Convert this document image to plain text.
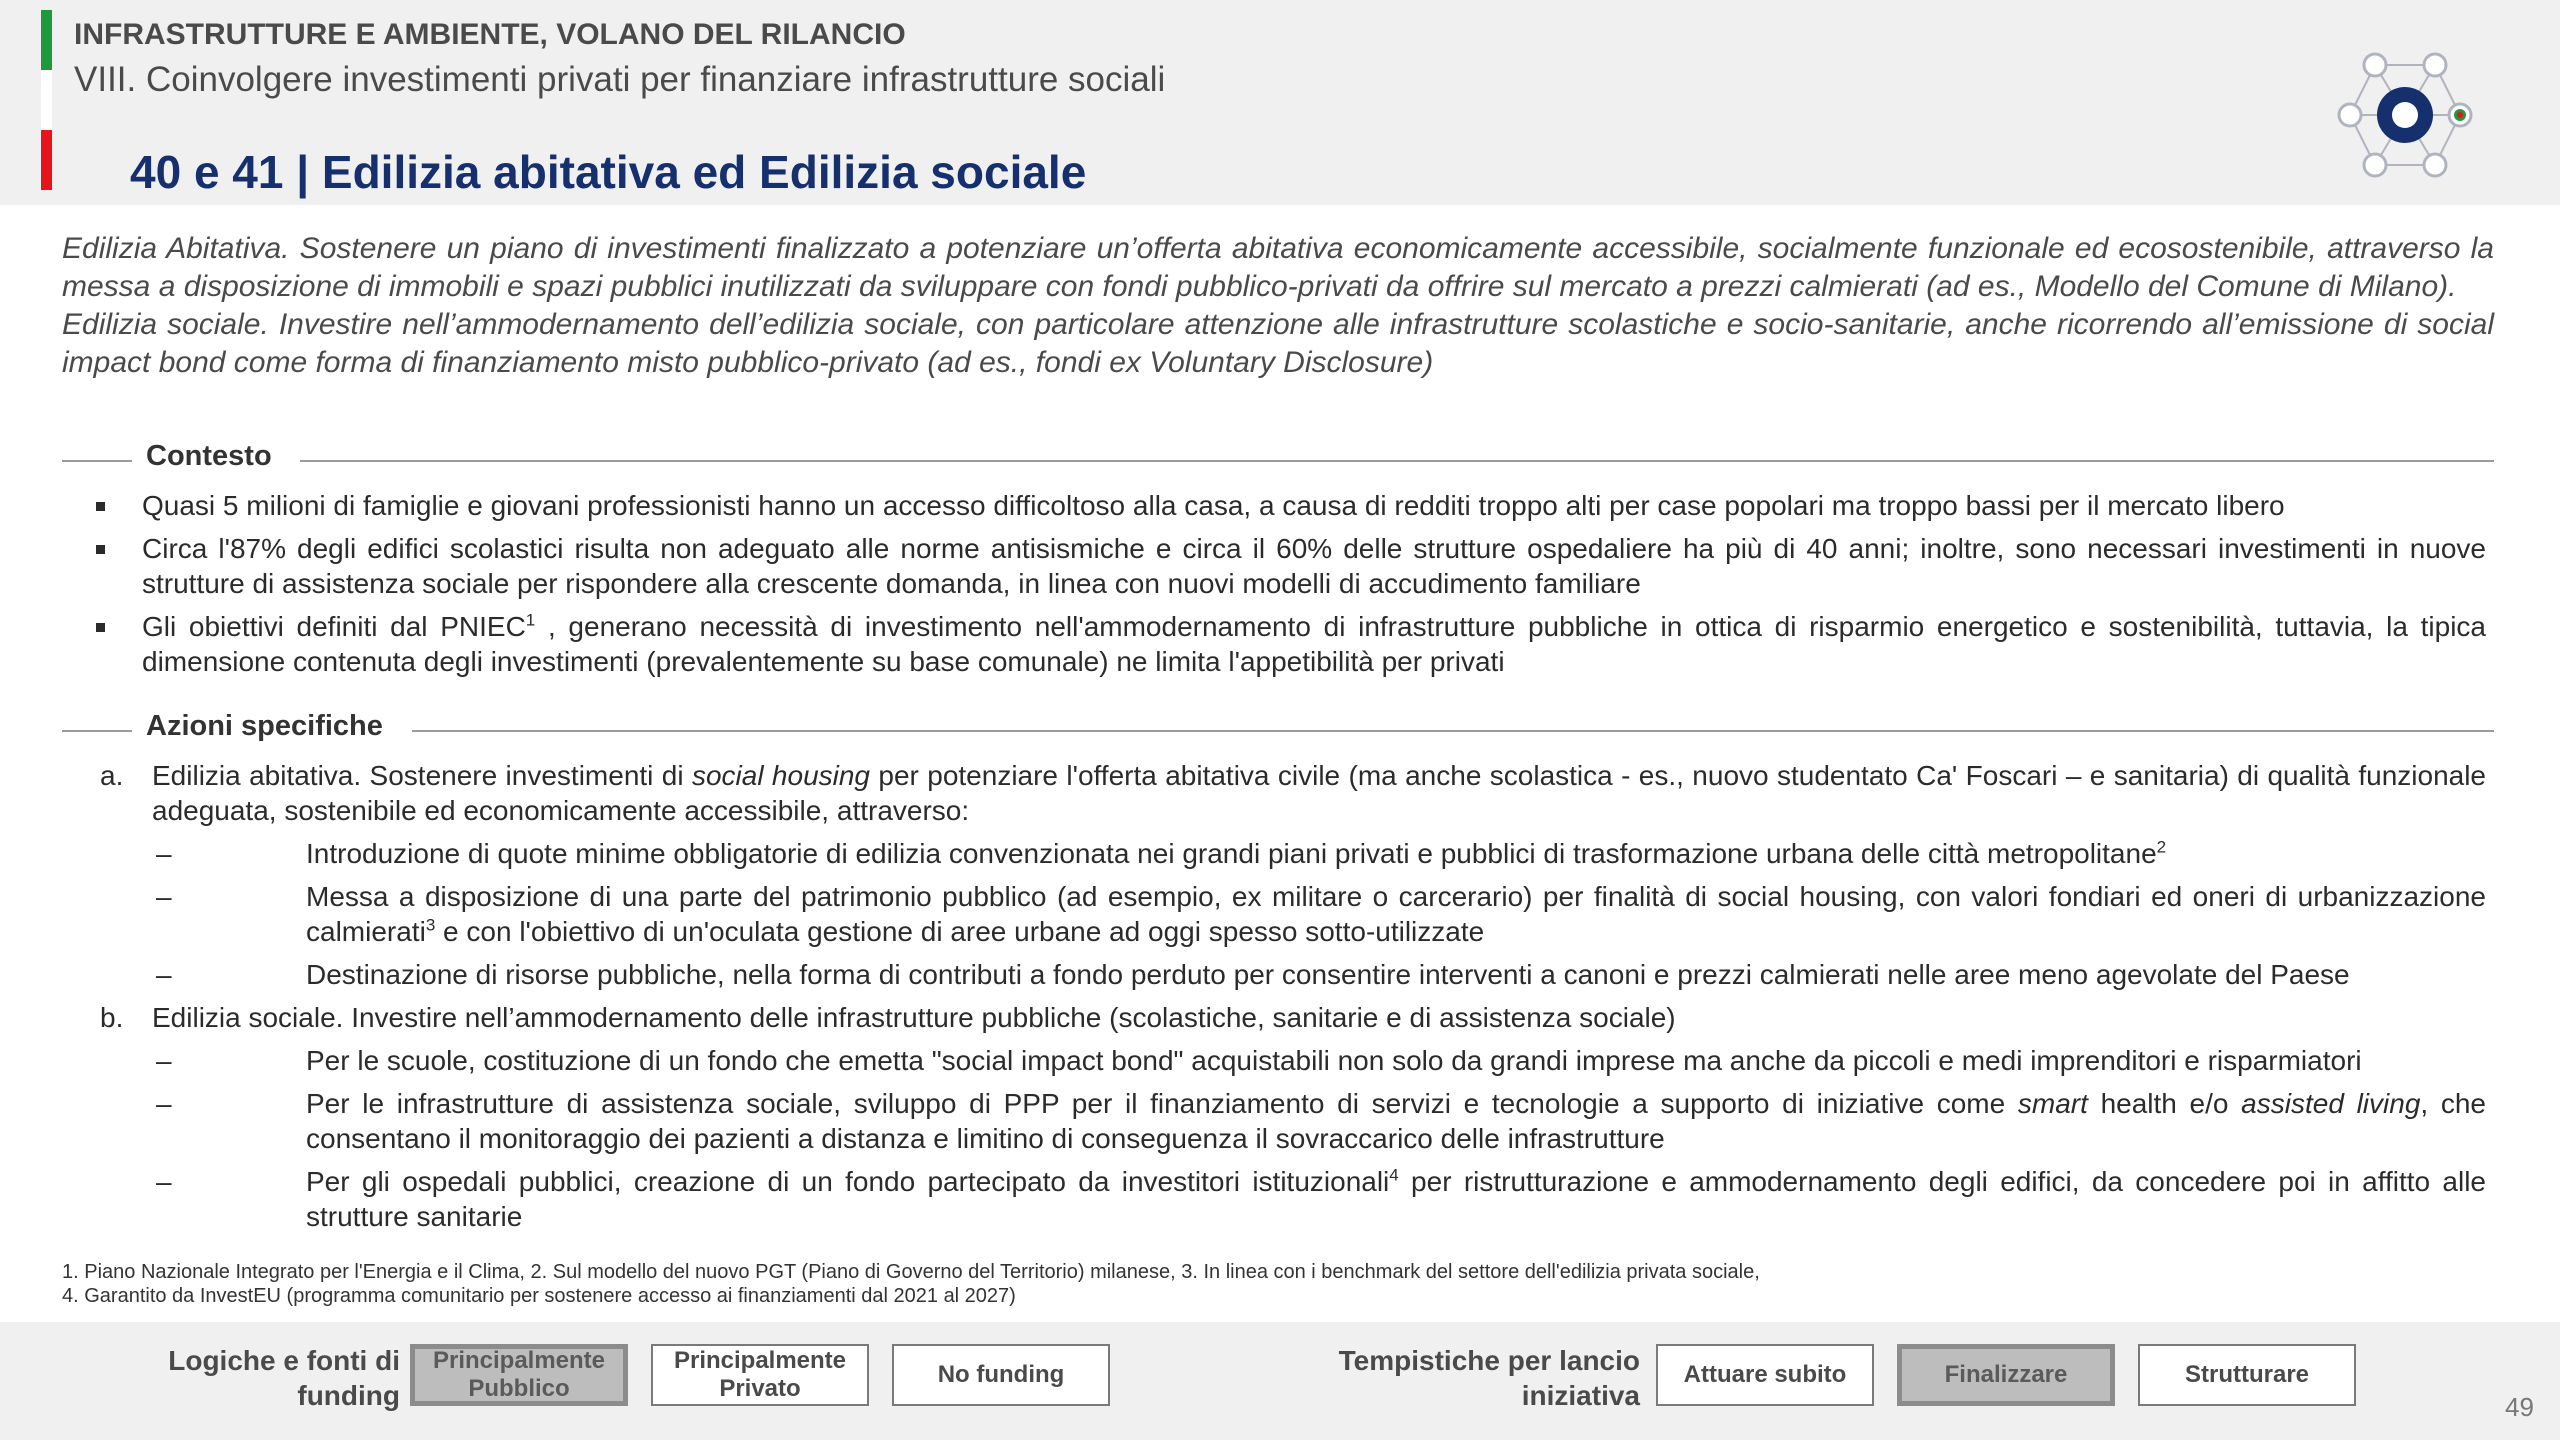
INFRASTRUTTURE E AMBIENTE, VOLANO DEL RILANCIO
VIII. Coinvolgere investimenti privati per finanziare infrastrutture sociali
40 e 41 | Edilizia abitativa ed Edilizia sociale

Edilizia Abitativa. Sostenere un piano di investimenti finalizzato a potenziare un’offerta abitativa economicamente accessibile, socialmente funzionale ed ecosostenibile, attraverso la messa a disposizione di immobili e spazi pubblici inutilizzati da sviluppare con fondi pubblico-privati da offrire sul mercato a prezzi calmierati (ad es., Modello del Comune di Milano).

Edilizia sociale. Investire nell’ammodernamento dell’edilizia sociale, con particolare attenzione alle infrastrutture scolastiche e socio-sanitarie, anche ricorrendo all’emissione di social impact bond come forma di finanziamento misto pubblico-privato (ad es., fondi ex Voluntary Disclosure)

Contesto
Quasi 5 milioni di famiglie e giovani professionisti hanno un accesso difficoltoso alla casa, a causa di redditi troppo alti per case popolari ma troppo bassi per il mercato libero
Circa l'87% degli edifici scolastici risulta non adeguato alle norme antisismiche e circa il 60% delle strutture ospedaliere ha più di 40 anni; inoltre, sono necessari investimenti in nuove strutture di assistenza sociale per rispondere alla crescente domanda, in linea con nuovi modelli di accudimento familiare
Gli obiettivi definiti dal PNIEC$^1$ , generano necessità di investimento nell'ammodernamento di infrastrutture pubbliche in ottica di risparmio energetico e sostenibilità, tuttavia, la tipica dimensione contenuta degli investimenti (prevalentemente su base comunale) ne limita l'appetibilità per privati
Azioni specifiche
a. Edilizia abitativa. Sostenere investimenti di social housing per potenziare l'offerta abitativa civile (ma anche scolastica - es., nuovo studentato Ca' Foscari – e sanitaria) di qualità funzionale adeguata, sostenibile ed economicamente accessibile, attraverso:
–	Introduzione di quote minime obbligatorie di edilizia convenzionata nei grandi piani privati e pubblici di trasformazione urbana delle città metropolitane$^2$
–	Messa a disposizione di una parte del patrimonio pubblico (ad esempio, ex militare o carcerario) per finalità di social housing, con valori fondiari ed oneri di urbanizzazione calmierati$^3$ e con l'obiettivo di un'oculata gestione di aree urbane ad oggi spesso sotto-utilizzate
–	Destinazione di risorse pubbliche, nella forma di contributi a fondo perduto per consentire interventi a canoni e prezzi calmierati nelle aree meno agevolate del Paese
b. Edilizia sociale. Investire nell’ammodernamento delle infrastrutture pubbliche (scolastiche, sanitarie e di assistenza sociale)
–	Per le scuole, costituzione di un fondo che emetta "social impact bond" acquistabili non solo da grandi imprese ma anche da piccoli e medi imprenditori e risparmiatori
–	Per le infrastrutture di assistenza sociale, sviluppo di PPP per il finanziamento di servizi e tecnologie a supporto di iniziative come smart health e/o assisted living, che consentano il monitoraggio dei pazienti a distanza e limitino di conseguenza il sovraccarico delle infrastrutture
–	Per gli ospedali pubblici, creazione di un fondo partecipato da investitori istituzionali$^4$ per ristrutturazione e ammodernamento degli edifici, da concedere poi in affitto alle strutture sanitarie
1. Piano Nazionale Integrato per l'Energia e il Clima, 2. Sul modello del nuovo PGT (Piano di Governo del Territorio) milanese, 3. In linea con i benchmark del settore dell'edilizia privata sociale,
4. Garantito da InvestEU (programma comunitario per sostenere accesso ai finanziamenti dal 2021 al 2027)
Logiche e fonti di
funding
Principalmente
Pubblico
Principalmente
Privato
No funding	Tempistiche per lancio
iniziativa
Attuare subito	Finalizzare	Strutturare
49
